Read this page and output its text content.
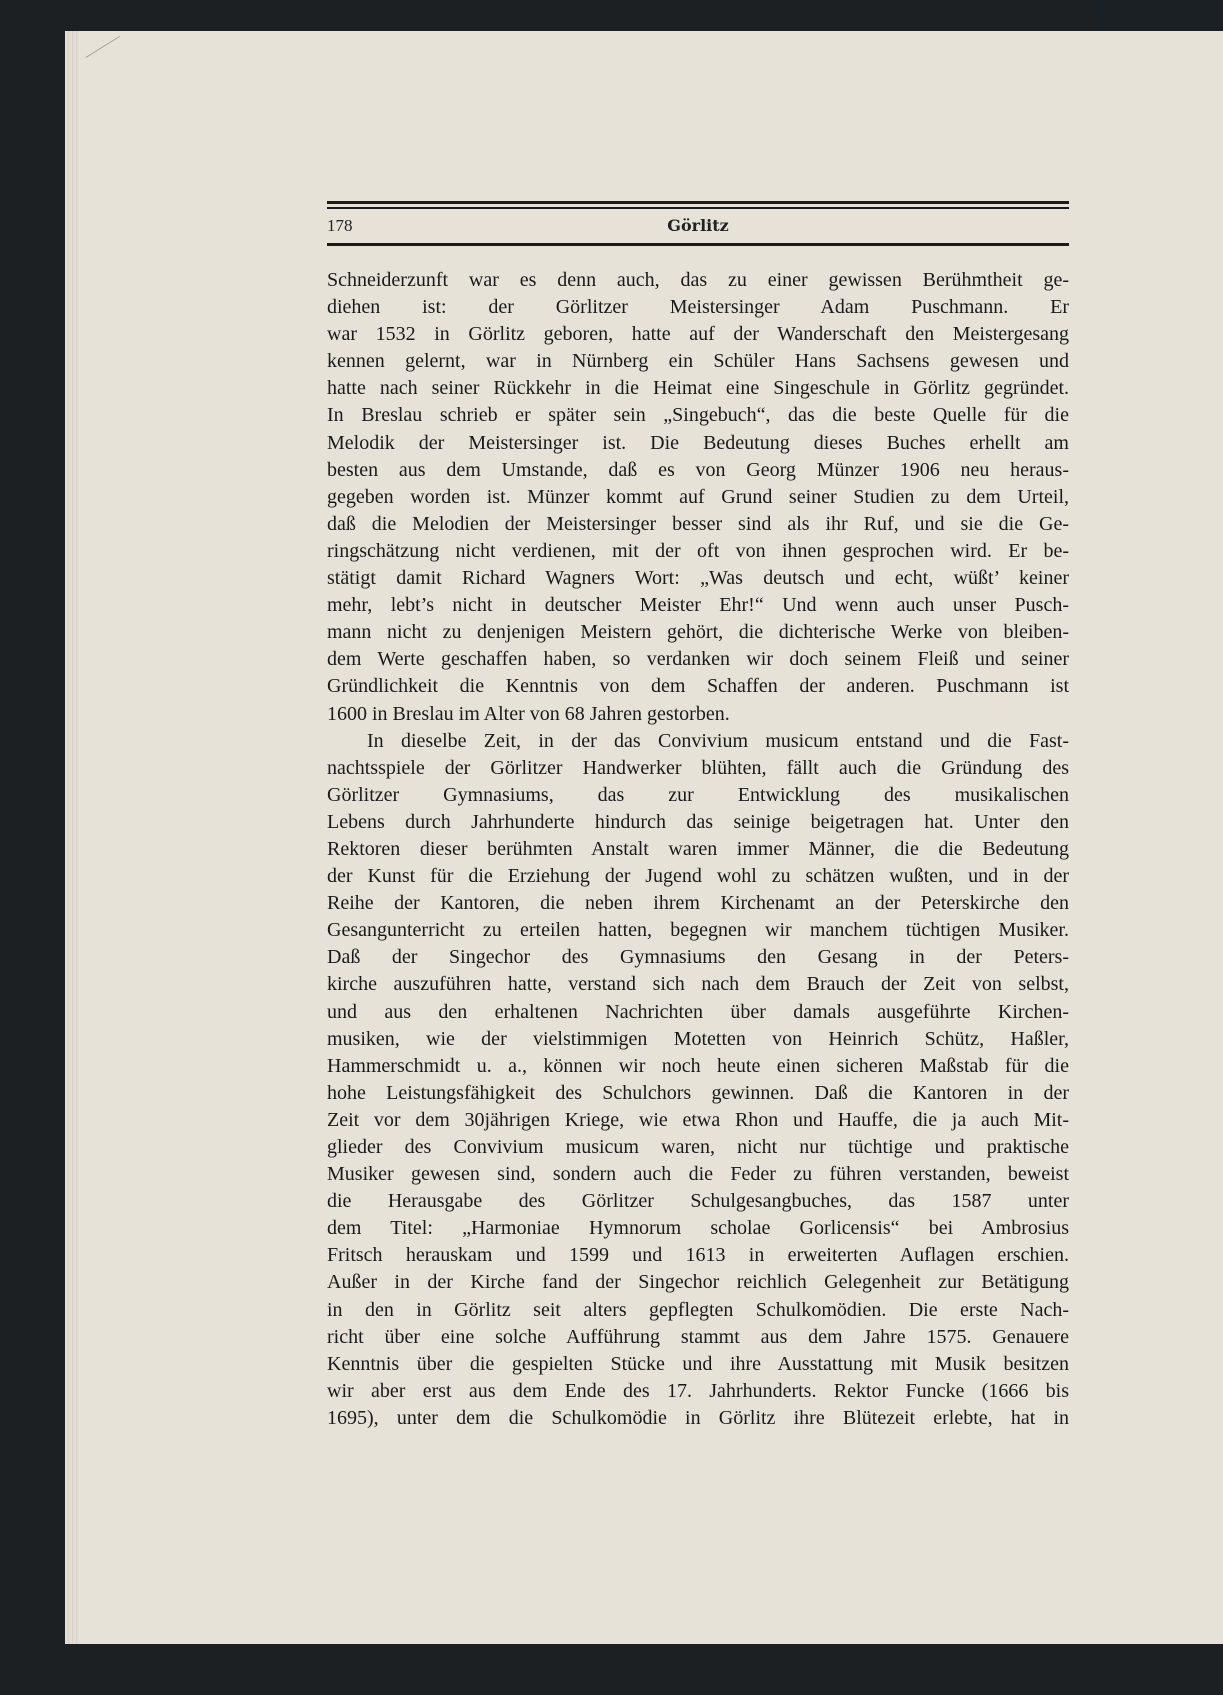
178	Görlitz
Schneiderzunft war es denn auch, das zu einer gewissen Berühmtheit ge-
diehen ist: der Görlitzer Meistersinger Adam Puschmann. Er
war 1532 in Görlitz geboren, hatte auf der Wanderschaft den Meistergesang
kennen gelernt, war in Nürnberg ein Schüler Hans Sachsens gewesen und
hatte nach seiner Rückkehr in die Heimat eine Singeschule in Görlitz gegründet.
In Breslau schrieb er später sein „Singebuch“, das die beste Quelle für die
Melodik der Meistersinger ist. Die Bedeutung dieses Buches erhellt am
besten aus dem Umstande, daß es von Georg Münzer 1906 neu heraus-
gegeben worden ist. Münzer kommt auf Grund seiner Studien zu dem Urteil,
daß die Melodien der Meistersinger besser sind als ihr Ruf, und sie die Ge-
ringschätzung nicht verdienen, mit der oft von ihnen gesprochen wird. Er be-
stätigt damit Richard Wagners Wort: „Was deutsch und echt, wüßt’ keiner
mehr, lebt’s nicht in deutscher Meister Ehr!“ Und wenn auch unser Pusch-
mann nicht zu denjenigen Meistern gehört, die dichterische Werke von bleiben-
dem Werte geschaffen haben, so verdanken wir doch seinem Fleiß und seiner
Gründlichkeit die Kenntnis von dem Schaffen der anderen. Puschmann ist
1600 in Breslau im Alter von 68 Jahren gestorben.
In dieselbe Zeit, in der das Convivium musicum entstand und die Fast-
nachtsspiele der Görlitzer Handwerker blühten, fällt auch die Gründung des
Görlitzer Gymnasiums, das zur Entwicklung des musikalischen
Lebens durch Jahrhunderte hindurch das seinige beigetragen hat. Unter den
Rektoren dieser berühmten Anstalt waren immer Männer, die die Bedeutung
der Kunst für die Erziehung der Jugend wohl zu schätzen wußten, und in der
Reihe der Kantoren, die neben ihrem Kirchenamt an der Peterskirche den
Gesangunterricht zu erteilen hatten, begegnen wir manchem tüchtigen Musiker.
Daß der Singechor des Gymnasiums den Gesang in der Peters-
kirche auszuführen hatte, verstand sich nach dem Brauch der Zeit von selbst,
und aus den erhaltenen Nachrichten über damals ausgeführte Kirchen-
musiken, wie der vielstimmigen Motetten von Heinrich Schütz, Haßler,
Hammerschmidt u. a., können wir noch heute einen sicheren Maßstab für die
hohe Leistungsfähigkeit des Schulchors gewinnen. Daß die Kantoren in der
Zeit vor dem 30jährigen Kriege, wie etwa Rhon und Hauffe, die ja auch Mit-
glieder des Convivium musicum waren, nicht nur tüchtige und praktische
Musiker gewesen sind, sondern auch die Feder zu führen verstanden, beweist
die Herausgabe des Görlitzer Schulgesangbuches, das 1587 unter
dem Titel: „Harmoniae Hymnorum scholae Gorlicensis“ bei Ambrosius
Fritsch herauskam und 1599 und 1613 in erweiterten Auflagen erschien.
Außer in der Kirche fand der Singechor reichlich Gelegenheit zur Betätigung
in den in Görlitz seit alters gepflegten Schulkomödien. Die erste Nach-
richt über eine solche Aufführung stammt aus dem Jahre 1575. Genauere
Kenntnis über die gespielten Stücke und ihre Ausstattung mit Musik besitzen
wir aber erst aus dem Ende des 17. Jahrhunderts. Rektor Funcke (1666 bis
1695), unter dem die Schulkomödie in Görlitz ihre Blütezeit erlebte, hat in
